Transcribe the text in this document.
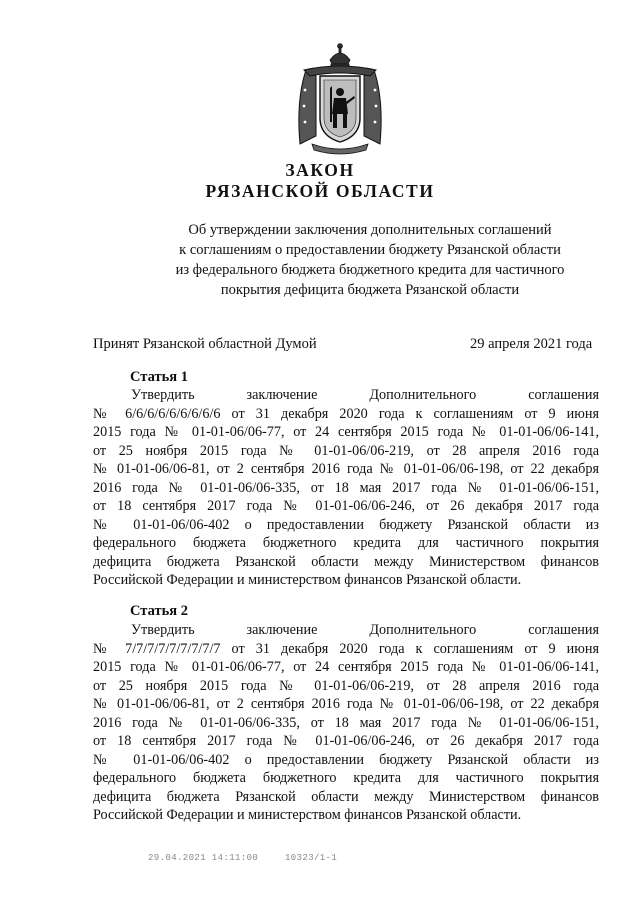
ЗАКОН
РЯЗАНСКОЙ ОБЛАСТИ
Об утверждении заключения дополнительных соглашений
к соглашениям о предоставлении бюджету Рязанской области
из федерального бюджета бюджетного кредита для частичного
покрытия дефицита бюджета Рязанской области
Принят Рязанской областной Думой	29 апреля 2021 года
Статья 1
Утвердить заключение Дополнительного соглашения
№ 6/6/6/6/6/6/6/6/6 от 31 декабря 2020 года к соглашениям от 9 июня
2015 года № 01-01-06/06-77, от 24 сентября 2015 года № 01-01-06/06-141,
от 25 ноября 2015 года № 01-01-06/06-219, от 28 апреля 2016 года
№ 01-01-06/06-81, от 2 сентября 2016 года № 01-01-06/06-198, от 22 декабря
2016 года № 01-01-06/06-335, от 18 мая 2017 года № 01-01-06/06-151,
от 18 сентября 2017 года № 01-01-06/06-246, от 26 декабря 2017 года
№ 01-01-06/06-402 о предоставлении бюджету Рязанской области из
федерального бюджета бюджетного кредита для частичного покрытия
дефицита бюджета Рязанской области между Министерством финансов
Российской Федерации и министерством финансов Рязанской области.
Статья 2
Утвердить заключение Дополнительного соглашения
№ 7/7/7/7/7/7/7/7/7 от 31 декабря 2020 года к соглашениям от 9 июня
2015 года № 01-01-06/06-77, от 24 сентября 2015 года № 01-01-06/06-141,
от 25 ноября 2015 года № 01-01-06/06-219, от 28 апреля 2016 года
№ 01-01-06/06-81, от 2 сентября 2016 года № 01-01-06/06-198, от 22 декабря
2016 года № 01-01-06/06-335, от 18 мая 2017 года № 01-01-06/06-151,
от 18 сентября 2017 года № 01-01-06/06-246, от 26 декабря 2017 года
№ 01-01-06/06-402 о предоставлении бюджету Рязанской области из
федерального бюджета бюджетного кредита для частичного покрытия
дефицита бюджета Рязанской области между Министерством финансов
Российской Федерации и министерством финансов Рязанской области.
29.04.2021 14:11:00	10323/1-1
